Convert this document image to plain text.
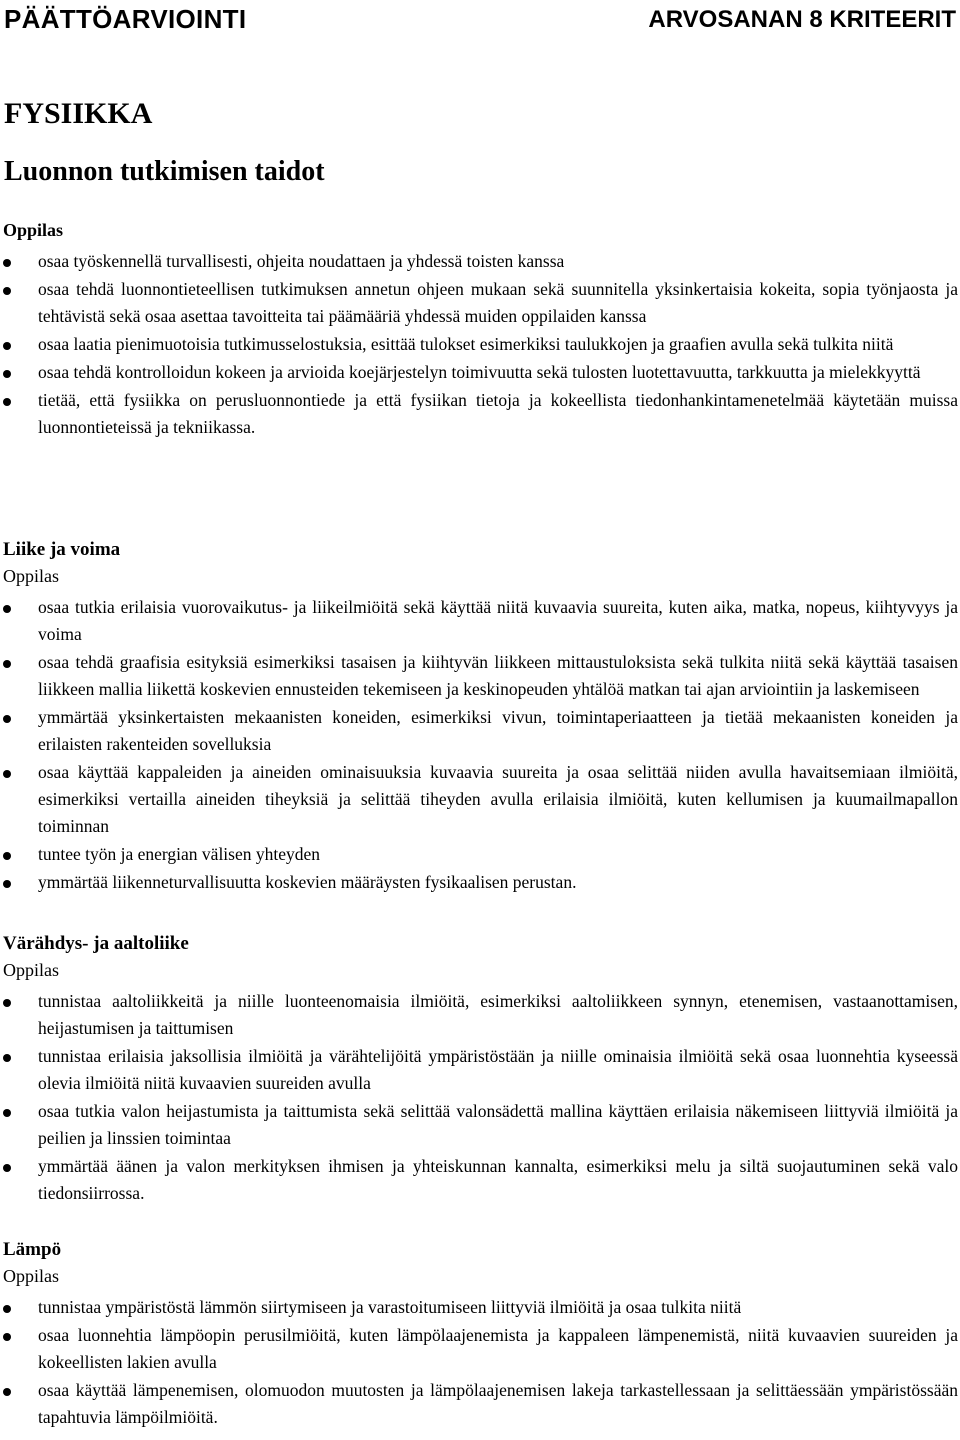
PÄÄTTÖARVIOINTI	ARVOSANAN 8 KRITEERIT
FYSIIKKA
Luonnon tutkimisen taidot
Oppilas
osaa työskennellä turvallisesti, ohjeita noudattaen ja yhdessä toisten kanssa
osaa tehdä luonnontieteellisen tutkimuksen annetun ohjeen mukaan sekä suunnitella yksinkertaisia kokeita, sopia työnjaosta ja tehtävistä sekä osaa asettaa tavoitteita tai päämääriä yhdessä muiden oppilaiden kanssa
osaa laatia pienimuotoisia tutkimusselostuksia, esittää tulokset esimerkiksi taulukkojen ja graafien avulla sekä tulkita niitä
osaa tehdä kontrolloidun kokeen ja arvioida koejärjestelyn toimivuutta sekä tulosten luotettavuutta, tarkkuutta ja mielekkyyttä
tietää, että fysiikka on perusluonnontiede ja että fysiikan tietoja ja kokeellista tiedonhankintamenetelmää käytetään muissa luonnontieteissä ja tekniikassa.
Liike ja voima
Oppilas
osaa tutkia erilaisia vuorovaikutus- ja liikeilmiöitä sekä käyttää niitä kuvaavia suureita, kuten aika, matka, nopeus, kiihtyvyys ja voima
osaa tehdä graafisia esityksiä esimerkiksi tasaisen ja kiihtyvän liikkeen mittaustuloksista sekä tulkita niitä sekä käyttää tasaisen liikkeen mallia liikettä koskevien ennusteiden tekemiseen ja keskinopeuden yhtälöä matkan tai ajan arviointiin ja laskemiseen
ymmärtää yksinkertaisten mekaanisten koneiden, esimerkiksi vivun, toimintaperiaatteen ja tietää mekaanisten koneiden ja erilaisten rakenteiden sovelluksia
osaa käyttää kappaleiden ja aineiden ominaisuuksia kuvaavia suureita ja osaa selittää niiden avulla havaitsemiaan ilmiöitä, esimerkiksi vertailla aineiden tiheyksiä ja selittää tiheyden avulla erilaisia ilmiöitä, kuten kellumisen ja kuumailmapallon toiminnan
tuntee työn ja energian välisen yhteyden
ymmärtää liikenneturvallisuutta koskevien määräysten fysikaalisen perustan.
Värähdys- ja aaltoliike
Oppilas
tunnistaa aaltoliikkeitä ja niille luonteenomaisia ilmiöitä, esimerkiksi aaltoliikkeen synnyn, etenemisen, vastaanottamisen, heijastumisen ja taittumisen
tunnistaa erilaisia jaksollisia ilmiöitä ja värähtelijöitä ympäristöstään ja niille ominaisia ilmiöitä sekä osaa luonnehtia kyseessä olevia ilmiöitä niitä kuvaavien suureiden avulla
osaa tutkia valon heijastumista ja taittumista sekä selittää valonsädettä mallina käyttäen erilaisia näkemiseen liittyviä ilmiöitä ja peilien ja linssien toimintaa
ymmärtää äänen ja valon merkityksen ihmisen ja yhteiskunnan kannalta, esimerkiksi melu ja siltä suojautuminen sekä valo tiedonsiirrossa.
Lämpö
Oppilas
tunnistaa ympäristöstä lämmön siirtymiseen ja varastoitumiseen liittyviä ilmiöitä ja osaa tulkita niitä
osaa luonnehtia lämpöopin perusilmiöitä, kuten lämpölaajenemista ja kappaleen lämpenemistä, niitä kuvaavien suureiden ja kokeellisten lakien avulla
osaa käyttää lämpenemisen, olomuodon muutosten ja lämpölaajenemisen lakeja tarkastellessaan ja selittäessään ympäristössään tapahtuvia lämpöilmiöitä.
